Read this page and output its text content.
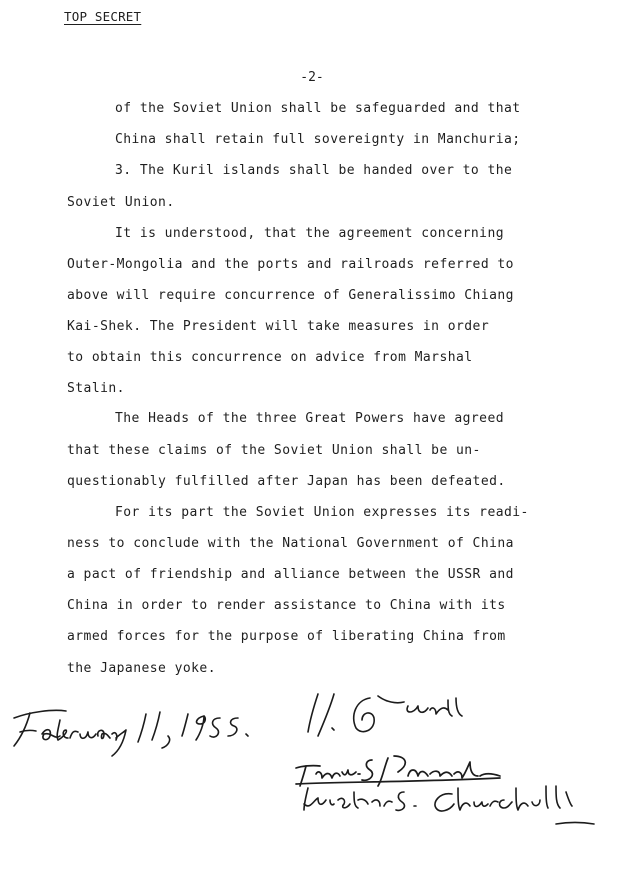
TOP SECRET
-2-
of the Soviet Union shall be safeguarded and that
China shall retain full sovereignty in Manchuria;
3. The Kuril islands shall be handed over to the
Soviet Union.
It is understood, that the agreement concerning
Outer-Mongolia and the ports and railroads referred to
above will require concurrence of Generalissimo Chiang
Kai-Shek. The President will take measures in order
to obtain this concurrence on advice from Marshal
Stalin.
The Heads of the three Great Powers have agreed
that these claims of the Soviet Union shall be un-
questionably fulfilled after Japan has been defeated.
For its part the Soviet Union expresses its readi-
ness to conclude with the National Government of China
a pact of friendship and alliance between the USSR and
China in order to render assistance to China with its
armed forces for the purpose of liberating China from
the Japanese yoke.
